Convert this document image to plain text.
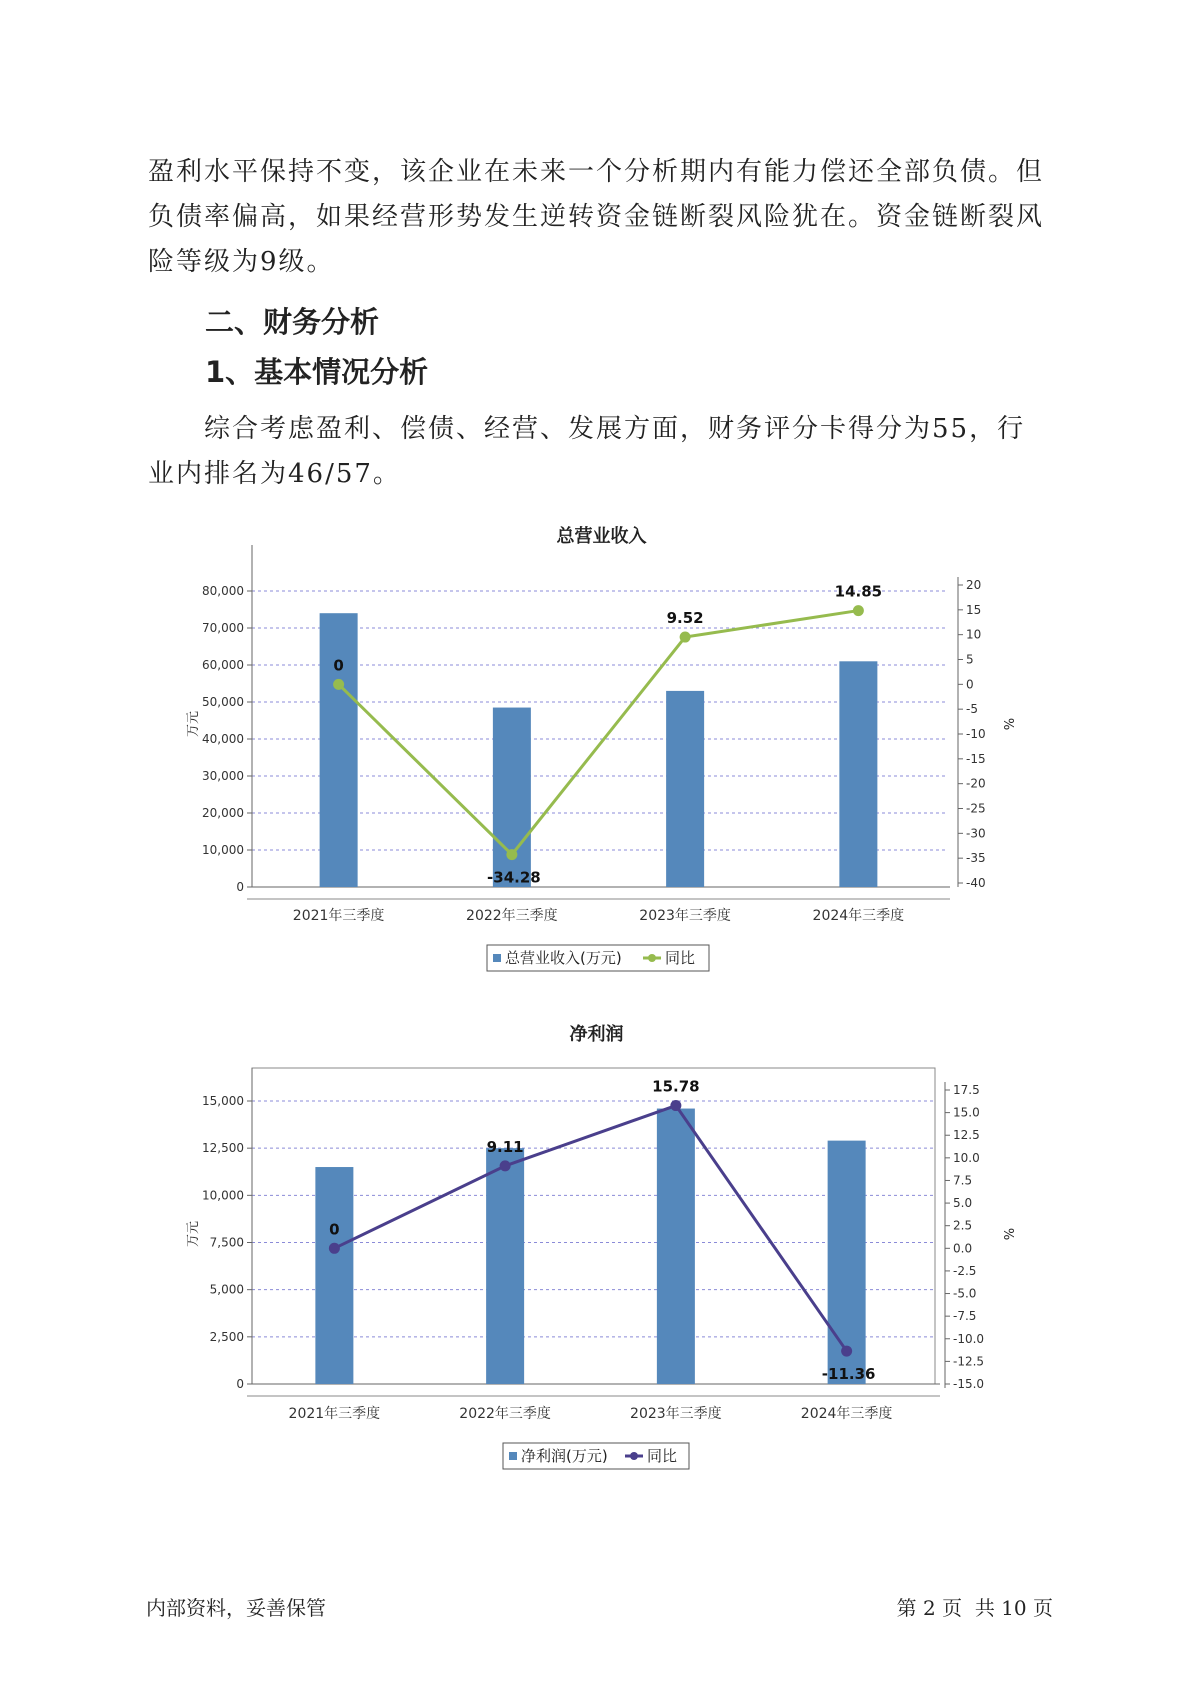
盈利水平保持不变，该企业在未来一个分析期内有能力偿还全部负债。但负债率偏高，如果经营形势发生逆转资金链断裂风险犹在。资金链断裂风险等级为9级。

二、财务分析
1、基本情况分析

综合考虑盈利、偿债、经营、发展方面，财务评分卡得分为55，行业内排名为46/57。

总营业收入
0
10,000
20,000
30,000
40,000
50,000
60,000
70,000
80,000	20
15
10
5
0
-5
-10
-15
-20
-25
-30
-35
-40
万元	%
2021年三季度	2022年三季度	2023年三季度	2024年三季度
0
-34.28
9.52
14.85
总营业收入(万元)	同比
净利润
0
2,500
5,000
7,500
10,000
12,500
15,000
17.5
15.0
12.5
10.0
7.5
5.0
2.5
0.0
-2.5
-5.0
-7.5
-10.0
-12.5
-15.0
万元	%
2021年三季度	2022年三季度	2023年三季度	2024年三季度
0
9.11
15.78
-11.36
净利润(万元)	同比
内部资料，妥善保管	第 2 页  共 10 页
